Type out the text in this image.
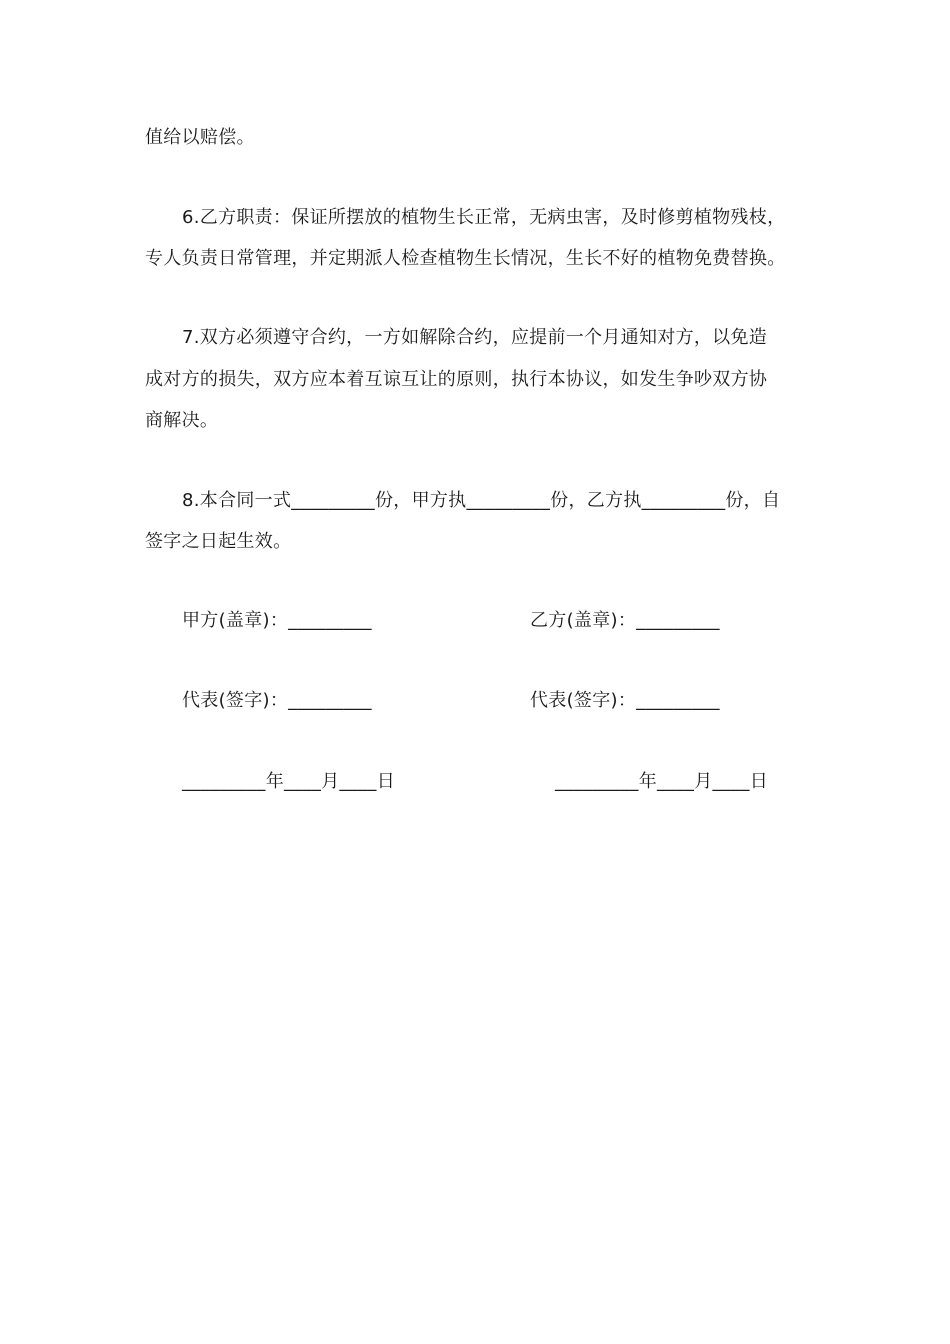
值给以赔偿。
6.乙方职责：保证所摆放的植物生长正常，无病虫害，及时修剪植物残枝，
专人负责日常管理，并定期派人检查植物生长情况，生长不好的植物免费替换。
7.双方必须遵守合约，一方如解除合约，应提前一个月通知对方，以免造
成对方的损失，双方应本着互谅互让的原则，执行本协议，如发生争吵双方协
商解决。
8.本合同一式_________份，甲方执_________份，乙方执_________份，自
签字之日起生效。
甲方(盖章)：_________	乙方(盖章)：_________
代表(签字)：_________	代表(签字)：_________
_________年____月____日	_________年____月____日
